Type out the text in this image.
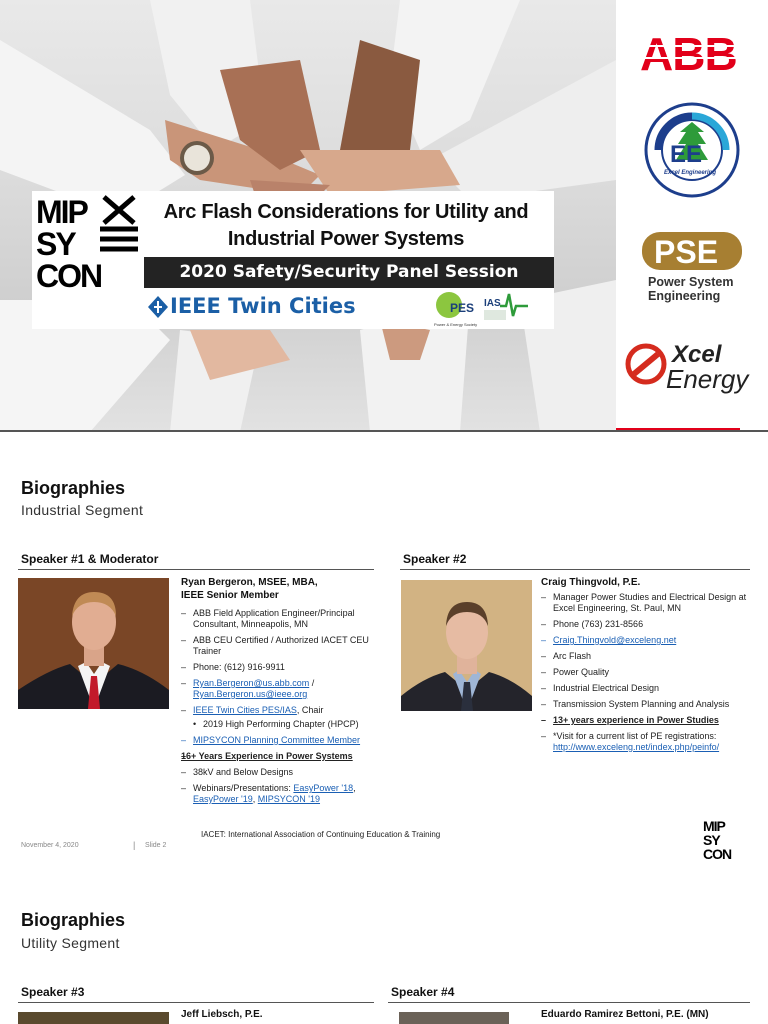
MIP
SY
CON
Arc Flash Considerations for Utility and Industrial Power Systems
2020 Safety/Security Panel Session
IEEE Twin Cities	PES
Power & Energy Society
IAS
ABB
EE
Excel Engineering
PSE
Power System Engineering
Xcel
Energy
Biographies
Industrial Segment
Speaker #1 & Moderator	Speaker #2
Ryan Bergeron, MSEE, MBA,
IEEE Senior Member
– ABB Field Application Engineer/Principal Consultant, Minneapolis, MN
– ABB CEU Certified / Authorized IACET CEU Trainer
– Phone: (612) 916-9911
– Ryan.Bergeron@us.abb.com /
Ryan.Bergeron.us@ieee.org
– IEEE Twin Cities PES/IAS, Chair
• 2019 High Performing Chapter (HPCP)
– MIPSYCON Planning Committee Member
– 16+ Years Experience in Power Systems
– 38kV and Below Designs
– Webinars/Presentations: EasyPower '18,
EasyPower '19, MIPSYCON '19
Craig Thingvold, P.E.
– Manager Power Studies and Electrical Design at Excel Engineering, St. Paul, MN
– Phone (763) 231-8566
– Craig.Thingvold@exceleng.net
– Arc Flash
– Power Quality
– Industrial Electrical Design
– Transmission System Planning and Analysis
– 13+ years experience in Power Studies
– *Visit for a current list of PE registrations:
http://www.exceleng.net/index.php/peinfo/
November 4, 2020	| Slide 2
IACET: International Association of Continuing Education & Training
MIP
SY
CON
Biographies
Utility Segment
Speaker #3	Speaker #4
Jeff Liebsch, P.E.	Eduardo Ramirez Bettoni, P.E. (MN)
